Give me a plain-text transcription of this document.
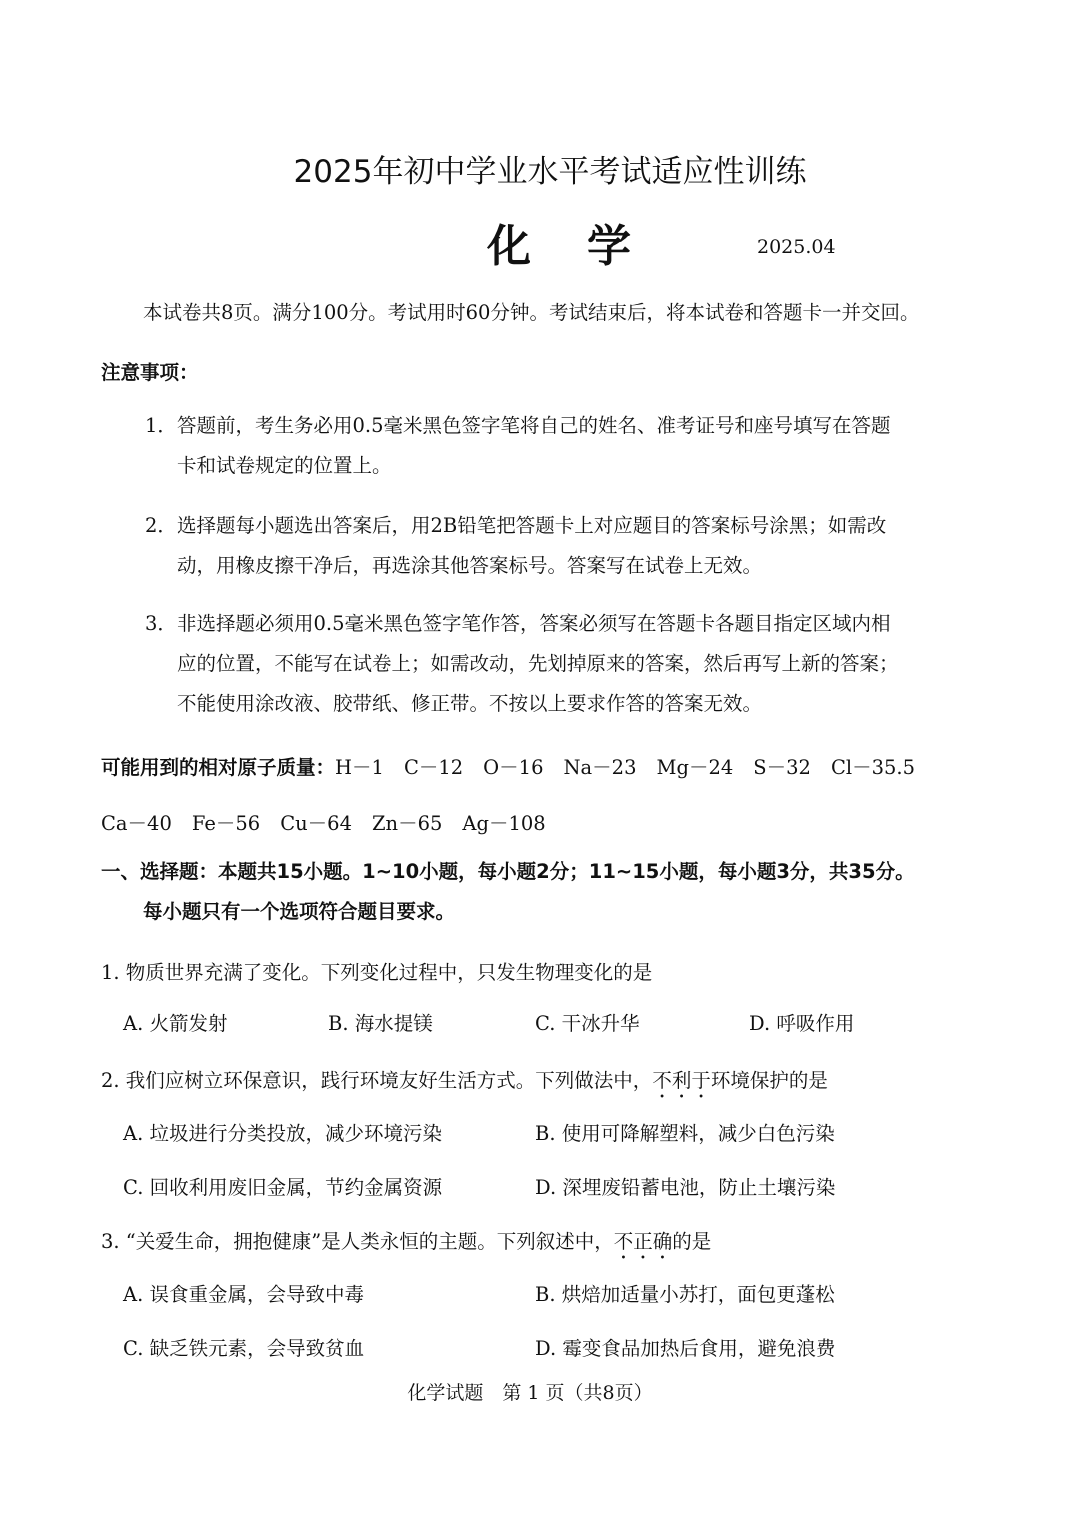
2025年初中学业水平考试适应性训练
化学	2025.04
本试卷共8页。满分100分。考试用时60分钟。考试结束后，将本试卷和答题卡一并交回。
注意事项：
1．答题前，考生务必用0.5毫米黑色签字笔将自己的姓名、准考证号和座号填写在答题
卡和试卷规定的位置上。
2．选择题每小题选出答案后，用2B铅笔把答题卡上对应题目的答案标号涂黑；如需改
动，用橡皮擦干净后，再选涂其他答案标号。答案写在试卷上无效。
3．非选择题必须用0.5毫米黑色签字笔作答，答案必须写在答题卡各题目指定区域内相
应的位置，不能写在试卷上；如需改动，先划掉原来的答案，然后再写上新的答案；
不能使用涂改液、胶带纸、修正带。不按以上要求作答的答案无效。
可能用到的相对原子质量：H－1 C－12 O－16 Na－23 Mg－24 S－32 Cl－35.5
Ca－40 Fe－56 Cu－64 Zn－65 Ag－108
一、选择题：本题共15小题。1~10小题，每小题2分；11~15小题，每小题3分，共35分。
每小题只有一个选项符合题目要求。
1. 物质世界充满了变化。下列变化过程中，只发生物理变化的是
A. 火箭发射	B. 海水提镁	C. 干冰升华	D. 呼吸作用
2. 我们应树立环保意识，践行环境友好生活方式。下列做法中，不利于环境保护的是
A. 垃圾进行分类投放，减少环境污染	B. 使用可降解塑料，减少白色污染
C. 回收利用废旧金属，节约金属资源	D. 深埋废铅蓄电池，防止土壤污染
3. “关爱生命，拥抱健康”是人类永恒的主题。下列叙述中，不正确的是
A. 误食重金属，会导致中毒	B. 烘焙加适量小苏打，面包更蓬松
C. 缺乏铁元素，会导致贫血	D. 霉变食品加热后食用，避免浪费
化学试题　第 1 页（共8页）
